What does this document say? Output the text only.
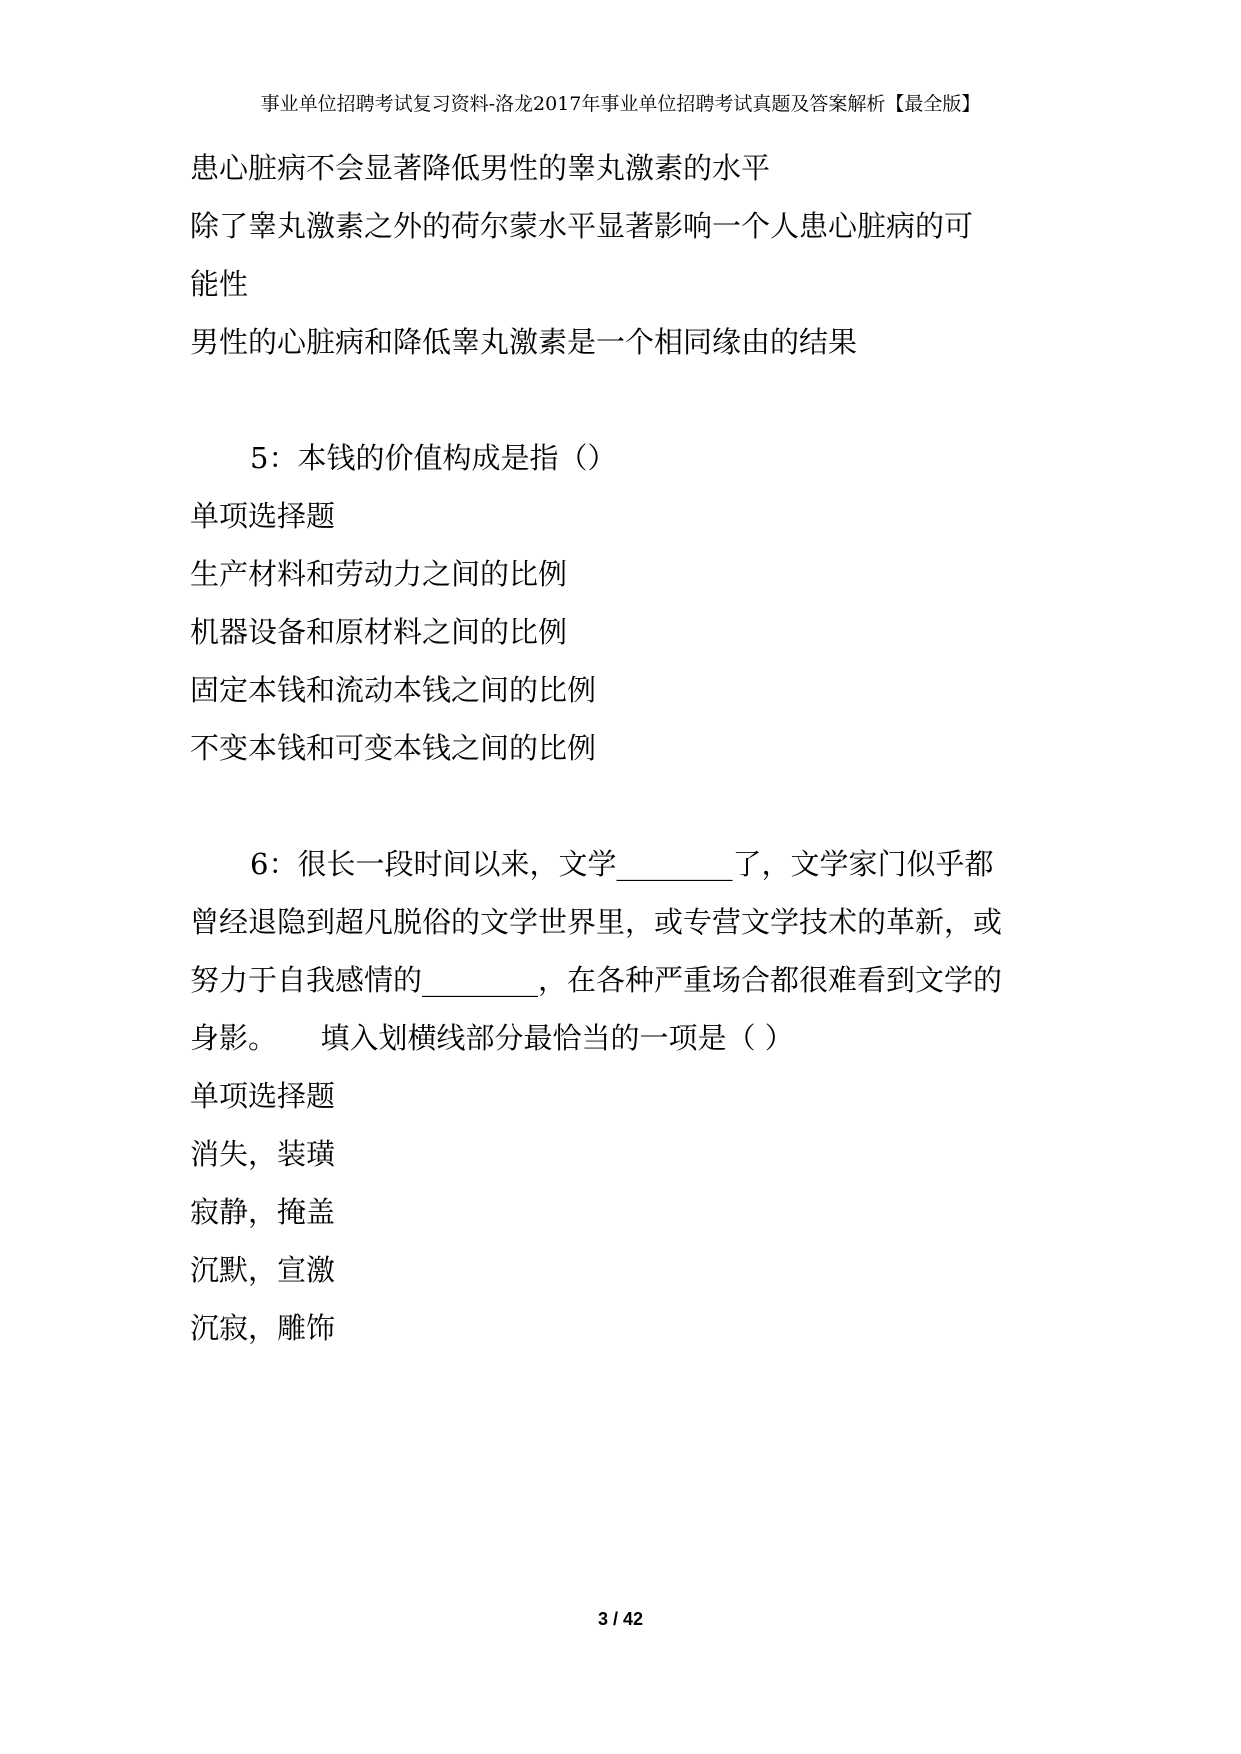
事业单位招聘考试复习资料-洛龙2017年事业单位招聘考试真题及答案解析【最全版】
患心脏病不会显著降低男性的睾丸激素的水平
除了睾丸激素之外的荷尔蒙水平显著影响一个人患心脏病的可
能性
男性的心脏病和降低睾丸激素是一个相同缘由的结果
5：本钱的价值构成是指（）
单项选择题
生产材料和劳动力之间的比例
机器设备和原材料之间的比例
固定本钱和流动本钱之间的比例
不变本钱和可变本钱之间的比例
6：很长一段时间以来，文学________了，文学家门似乎都
曾经退隐到超凡脱俗的文学世界里，或专营文学技术的革新，或
努力于自我感情的________，在各种严重场合都很难看到文学的
身影。　　填入划横线部分最恰当的一项是（ ）
单项选择题
消失，装璜
寂静，掩盖
沉默，宣激
沉寂，雕饰
3 / 42
